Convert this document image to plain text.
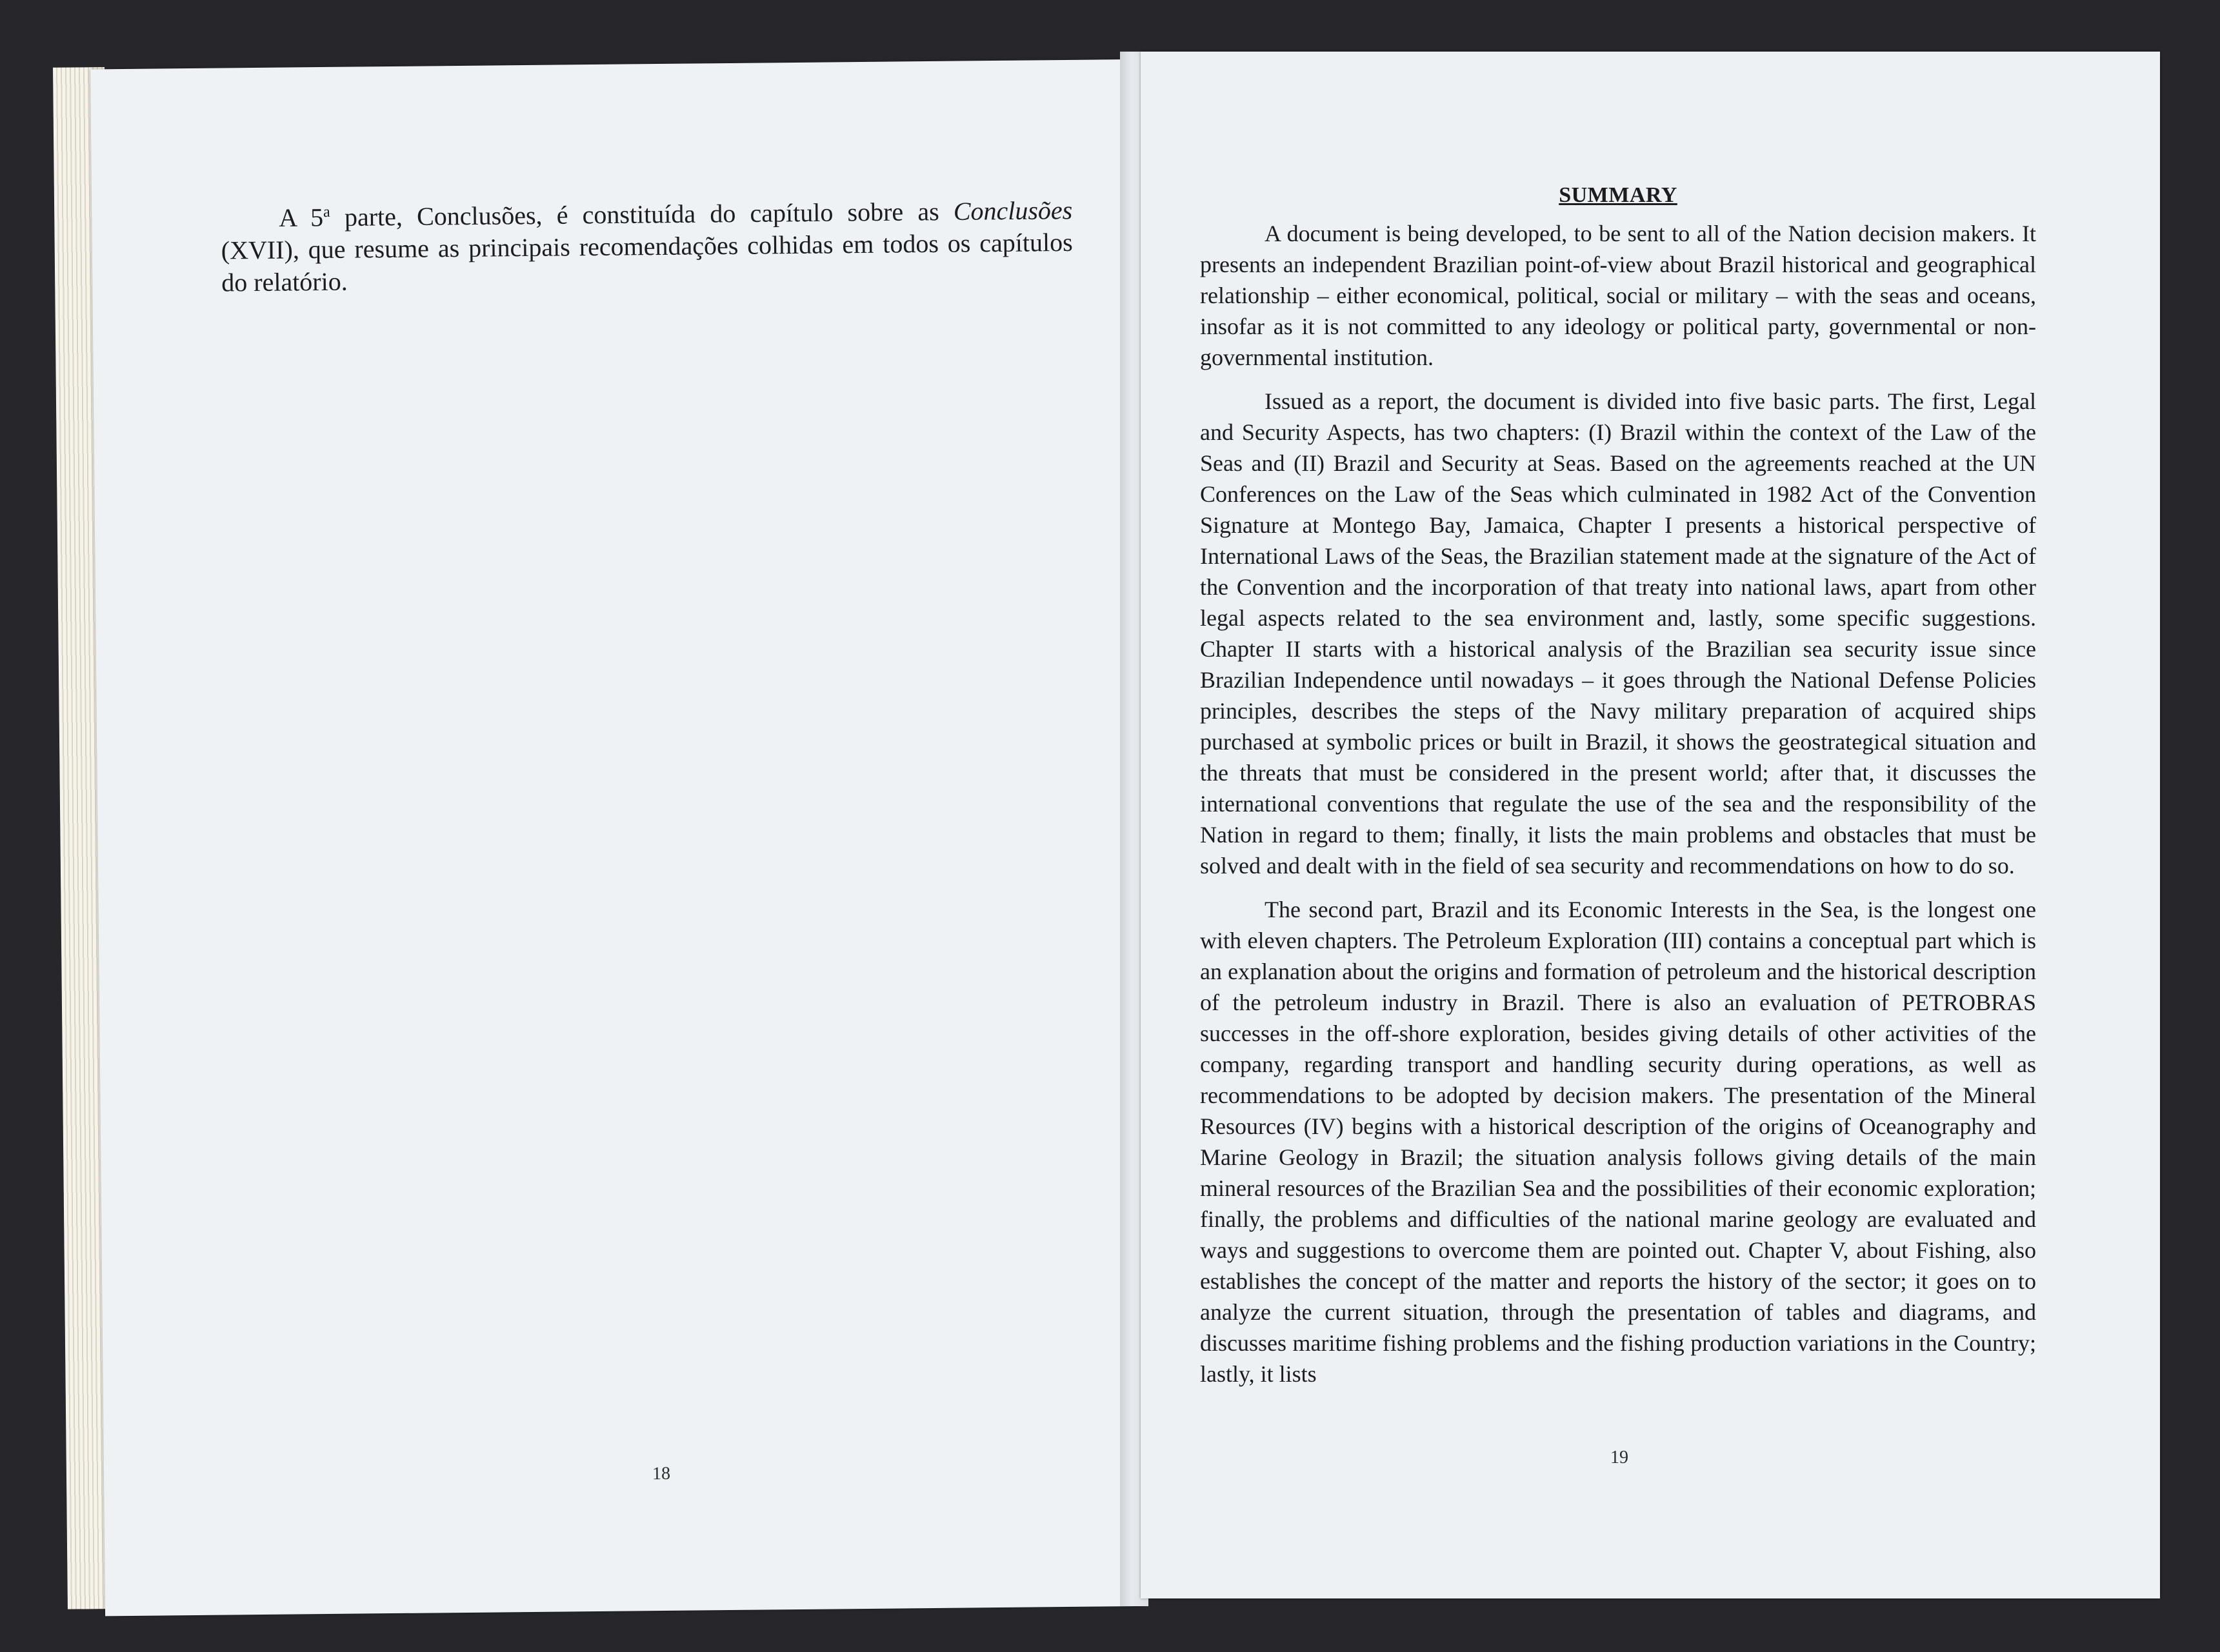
A 5$^a$ parte, Conclusões, é constituída do capítulo sobre as Conclusões (XVII), que resume as principais recomendações colhidas em todos os capítulos do relatório.

18
SUMMARY

A document is being developed, to be sent to all of the Nation decision makers. It presents an independent Brazilian point-of-view about Brazil historical and geographical relationship – either economical, political, social or military – with the seas and oceans, insofar as it is not committed to any ideology or political party, governmental or non-governmental institution.

Issued as a report, the document is divided into five basic parts. The first, Legal and Security Aspects, has two chapters: (I) Brazil within the context of the Law of the Seas and (II) Brazil and Security at Seas. Based on the agreements reached at the UN Conferences on the Law of the Seas which culminated in 1982 Act of the Convention Signature at Montego Bay, Jamaica, Chapter I presents a historical perspective of International Laws of the Seas, the Brazilian statement made at the signature of the Act of the Convention and the incorporation of that treaty into national laws, apart from other legal aspects related to the sea environment and, lastly, some specific suggestions. Chapter II starts with a historical analysis of the Brazilian sea security issue since Brazilian Independence until nowadays – it goes through the National Defense Policies principles, describes the steps of the Navy military preparation of acquired ships purchased at symbolic prices or built in Brazil, it shows the geostrategical situation and the threats that must be considered in the present world; after that, it discusses the international conventions that regulate the use of the sea and the responsibility of the Nation in regard to them; finally, it lists the main problems and obstacles that must be solved and dealt with in the field of sea security and recommendations on how to do so.

The second part, Brazil and its Economic Interests in the Sea, is the longest one with eleven chapters. The Petroleum Exploration (III) contains a conceptual part which is an explanation about the origins and formation of petroleum and the historical description of the petroleum industry in Brazil. There is also an evaluation of PETROBRAS successes in the off-shore exploration, besides giving details of other activities of the company, regarding transport and handling security during operations, as well as recommendations to be adopted by decision makers. The presentation of the Mineral Resources (IV) begins with a historical description of the origins of Oceanography and Marine Geology in Brazil; the situation analysis follows giving details of the main mineral resources of the Brazilian Sea and the possibilities of their economic exploration; finally, the problems and difficulties of the national marine geology are evaluated and ways and suggestions to overcome them are pointed out. Chapter V, about Fishing, also establishes the concept of the matter and reports the history of the sector; it goes on to analyze the current situation, through the presentation of tables and diagrams, and discusses maritime fishing problems and the fishing production variations in the Country; lastly, it lists

19
